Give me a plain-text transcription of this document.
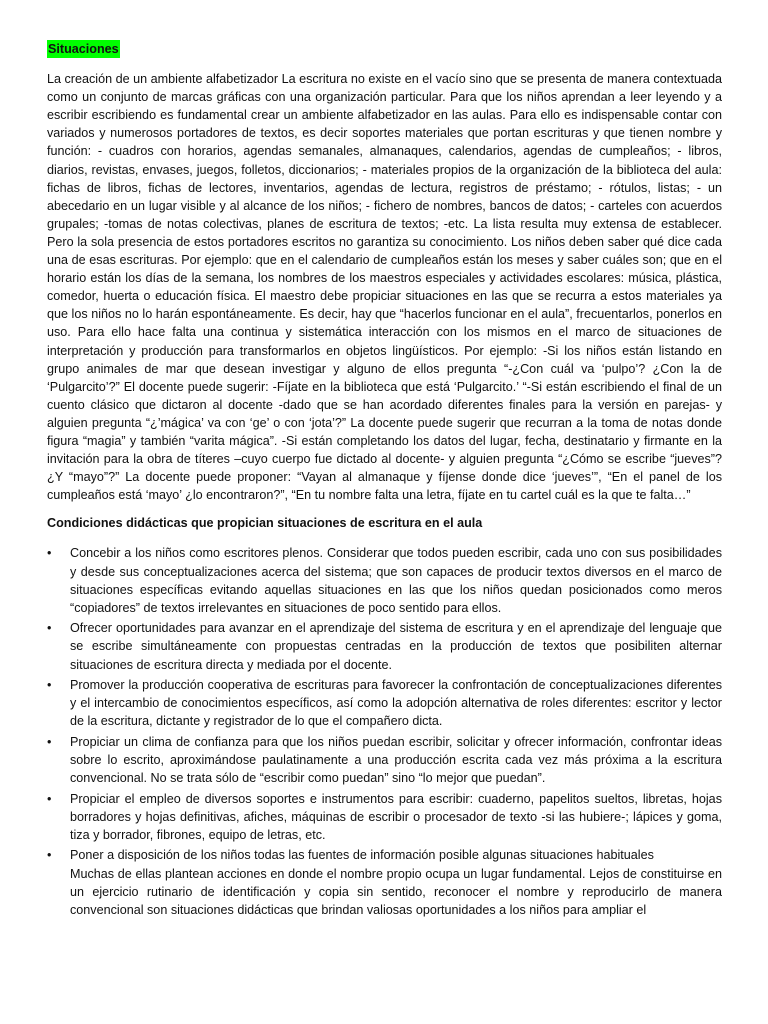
Situaciones

La creación de un ambiente alfabetizador La escritura no existe en el vacío sino que se presenta de manera contextuada como un conjunto de marcas gráficas con una organización particular. Para que los niños aprendan a leer leyendo y a escribir escribiendo es fundamental crear un ambiente alfabetizador en las aulas. Para ello es indispensable contar con variados y numerosos portadores de textos, es decir soportes materiales que portan escrituras y que tienen nombre y función: - cuadros con horarios, agendas semanales, almanaques, calendarios, agendas de cumpleaños; - libros, diarios, revistas, envases, juegos, folletos, diccionarios; - materiales propios de la organización de la biblioteca del aula: fichas de libros, fichas de lectores, inventarios, agendas de lectura, registros de préstamo; - rótulos, listas; - un abecedario en un lugar visible y al alcance de los niños; - fichero de nombres, bancos de datos; - carteles con acuerdos grupales; -tomas de notas colectivas, planes de escritura de textos; -etc. La lista resulta muy extensa de establecer. Pero la sola presencia de estos portadores escritos no garantiza su conocimiento. Los niños deben saber qué dice cada una de esas escrituras. Por ejemplo: que en el calendario de cumpleaños están los meses y saber cuáles son; que en el horario están los días de la semana, los nombres de los maestros especiales y actividades escolares: música, plástica, comedor, huerta o educación física. El maestro debe propiciar situaciones en las que se recurra a estos materiales ya que los niños no lo harán espontáneamente. Es decir, hay que “hacerlos funcionar en el aula”, frecuentarlos, ponerlos en uso. Para ello hace falta una continua y sistemática interacción con los mismos en el marco de situaciones de interpretación y producción para transformarlos en objetos lingüísticos. Por ejemplo: -Si los niños están listando en grupo animales de mar que desean investigar y alguno de ellos pregunta “-¿Con cuál va ‘pulpo’? ¿Con la de ‘Pulgarcito’?” El docente puede sugerir: -Fíjate en la biblioteca que está ‘Pulgarcito.’ “-Si están escribiendo el final de un cuento clásico que dictaron al docente -dado que se han acordado diferentes finales para la versión en parejas- y alguien pregunta “¿’mágica’ va con ‘ge’ o con ‘jota’?” La docente puede sugerir que recurran a la toma de notas donde figura “magia” y también “varita mágica”. -Si están completando los datos del lugar, fecha, destinatario y firmante en la invitación para la obra de títeres –cuyo cuerpo fue dictado al docente- y alguien pregunta “¿Cómo se escribe “jueves”? ¿Y “mayo”?” La docente puede proponer: “Vayan al almanaque y fíjense donde dice ‘jueves’”, “En el panel de los cumpleaños está ‘mayo’ ¿lo encontraron?”, “En tu nombre falta una letra, fíjate en tu cartel cuál es la que te falta…”

Condiciones didácticas que propician situaciones de escritura en el aula
• Concebir a los niños como escritores plenos. Considerar que todos pueden escribir, cada uno con sus posibilidades y desde sus conceptualizaciones acerca del sistema; que son capaces de producir textos diversos en el marco de situaciones específicas evitando aquellas situaciones en las que los niños quedan posicionados como meros “copiadores” de textos irrelevantes en situaciones de poco sentido para ellos.
• Ofrecer oportunidades para avanzar en el aprendizaje del sistema de escritura y en el aprendizaje del lenguaje que se escribe simultáneamente con propuestas centradas en la producción de textos que posibiliten alternar situaciones de escritura directa y mediada por el docente.
• Promover la producción cooperativa de escrituras para favorecer la confrontación de conceptualizaciones diferentes y el intercambio de conocimientos específicos, así como la adopción alternativa de roles diferentes: escritor y lector de la escritura, dictante y registrador de lo que el compañero dicta.
• Propiciar un clima de confianza para que los niños puedan escribir, solicitar y ofrecer información, confrontar ideas sobre lo escrito, aproximándose paulatinamente a una producción escrita cada vez más próxima a la escritura convencional. No se trata sólo de “escribir como puedan” sino “lo mejor que puedan”.
• Propiciar el empleo de diversos soportes e instrumentos para escribir: cuaderno, papelitos sueltos, libretas, hojas borradores y hojas definitivas, afiches, máquinas de escribir o procesador de texto -si las hubiere-; lápices y goma, tiza y borrador, fibrones, equipo de letras, etc.
• Poner a disposición de los niños todas las fuentes de información posible algunas situaciones habituales
Muchas de ellas plantean acciones en donde el nombre propio ocupa un lugar fundamental. Lejos de constituirse en un ejercicio rutinario de identificación y copia sin sentido, reconocer el nombre y reproducirlo de manera convencional son situaciones didácticas que brindan valiosas oportunidades a los niños para ampliar el
